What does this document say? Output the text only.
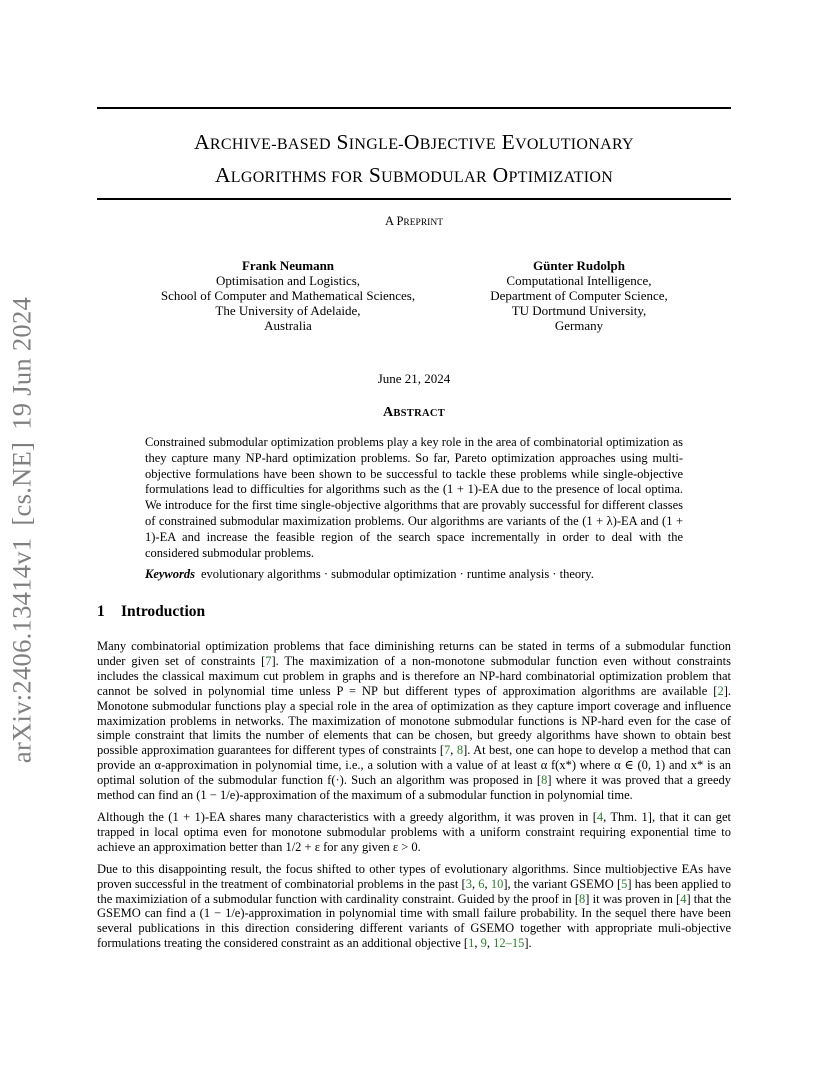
ARCHIVE-BASED SINGLE-OBJECTIVE EVOLUTIONARY
ALGORITHMS FOR SUBMODULAR OPTIMIZATION
A PREPRINT
Frank Neumann
Optimisation and Logistics,
School of Computer and Mathematical Sciences,
The University of Adelaide,
Australia
Günter Rudolph
Computational Intelligence,
Department of Computer Science,
TU Dortmund University,
Germany
June 21, 2024
ABSTRACT
Constrained submodular optimization problems play a key role in the area of combinatorial optimization as they capture many NP-hard optimization problems. So far, Pareto optimization approaches using multi-objective formulations have been shown to be successful to tackle these problems while single-objective formulations lead to difficulties for algorithms such as the (1 + 1)-EA due to the presence of local optima. We introduce for the first time single-objective algorithms that are provably successful for different classes of constrained submodular maximization problems. Our algorithms are variants of the (1 + λ)-EA and (1 + 1)-EA and increase the feasible region of the search space incrementally in order to deal with the considered submodular problems.
Keywords evolutionary algorithms · submodular optimization · runtime analysis · theory.
1 Introduction

Many combinatorial optimization problems that face diminishing returns can be stated in terms of a submodular function under given set of constraints [7]. The maximization of a non-monotone submodular function even without constraints includes the classical maximum cut problem in graphs and is therefore an NP-hard combinatorial optimization problem that cannot be solved in polynomial time unless P = NP but different types of approximation algorithms are available [2]. Monotone submodular functions play a special role in the area of optimization as they capture import coverage and influence maximization problems in networks. The maximization of monotone submodular functions is NP-hard even for the case of simple constraint that limits the number of elements that can be chosen, but greedy algorithms have shown to obtain best possible approximation guarantees for different types of constraints [7, 8]. At best, one can hope to develop a method that can provide an α-approximation in polynomial time, i.e., a solution with a value of at least α f(x*) where α ∈ (0, 1) and x* is an optimal solution of the submodular function f(·). Such an algorithm was proposed in [8] where it was proved that a greedy method can find an (1 − 1/e)-approximation of the maximum of a submodular function in polynomial time.

Although the (1 + 1)-EA shares many characteristics with a greedy algorithm, it was proven in [4, Thm. 1], that it can get trapped in local optima even for monotone submodular problems with a uniform constraint requiring exponential time to achieve an approximation better than 1/2 + ε for any given ε > 0.

Due to this disappointing result, the focus shifted to other types of evolutionary algorithms. Since multiobjective EAs have proven successful in the treatment of combinatorial problems in the past [3, 6, 10], the variant GSEMO [5] has been applied to the maximiziation of a submodular function with cardinality constraint. Guided by the proof in [8] it was proven in [4] that the GSEMO can find a (1 − 1/e)-approximation in polynomial time with small failure probability. In the sequel there have been several publications in this direction considering different variants of GSEMO together with appropriate muli-objective formulations treating the considered constraint as an additional objective [1, 9, 12–15].

arXiv:2406.13414v1[cs.NE]19 Jun 2024
